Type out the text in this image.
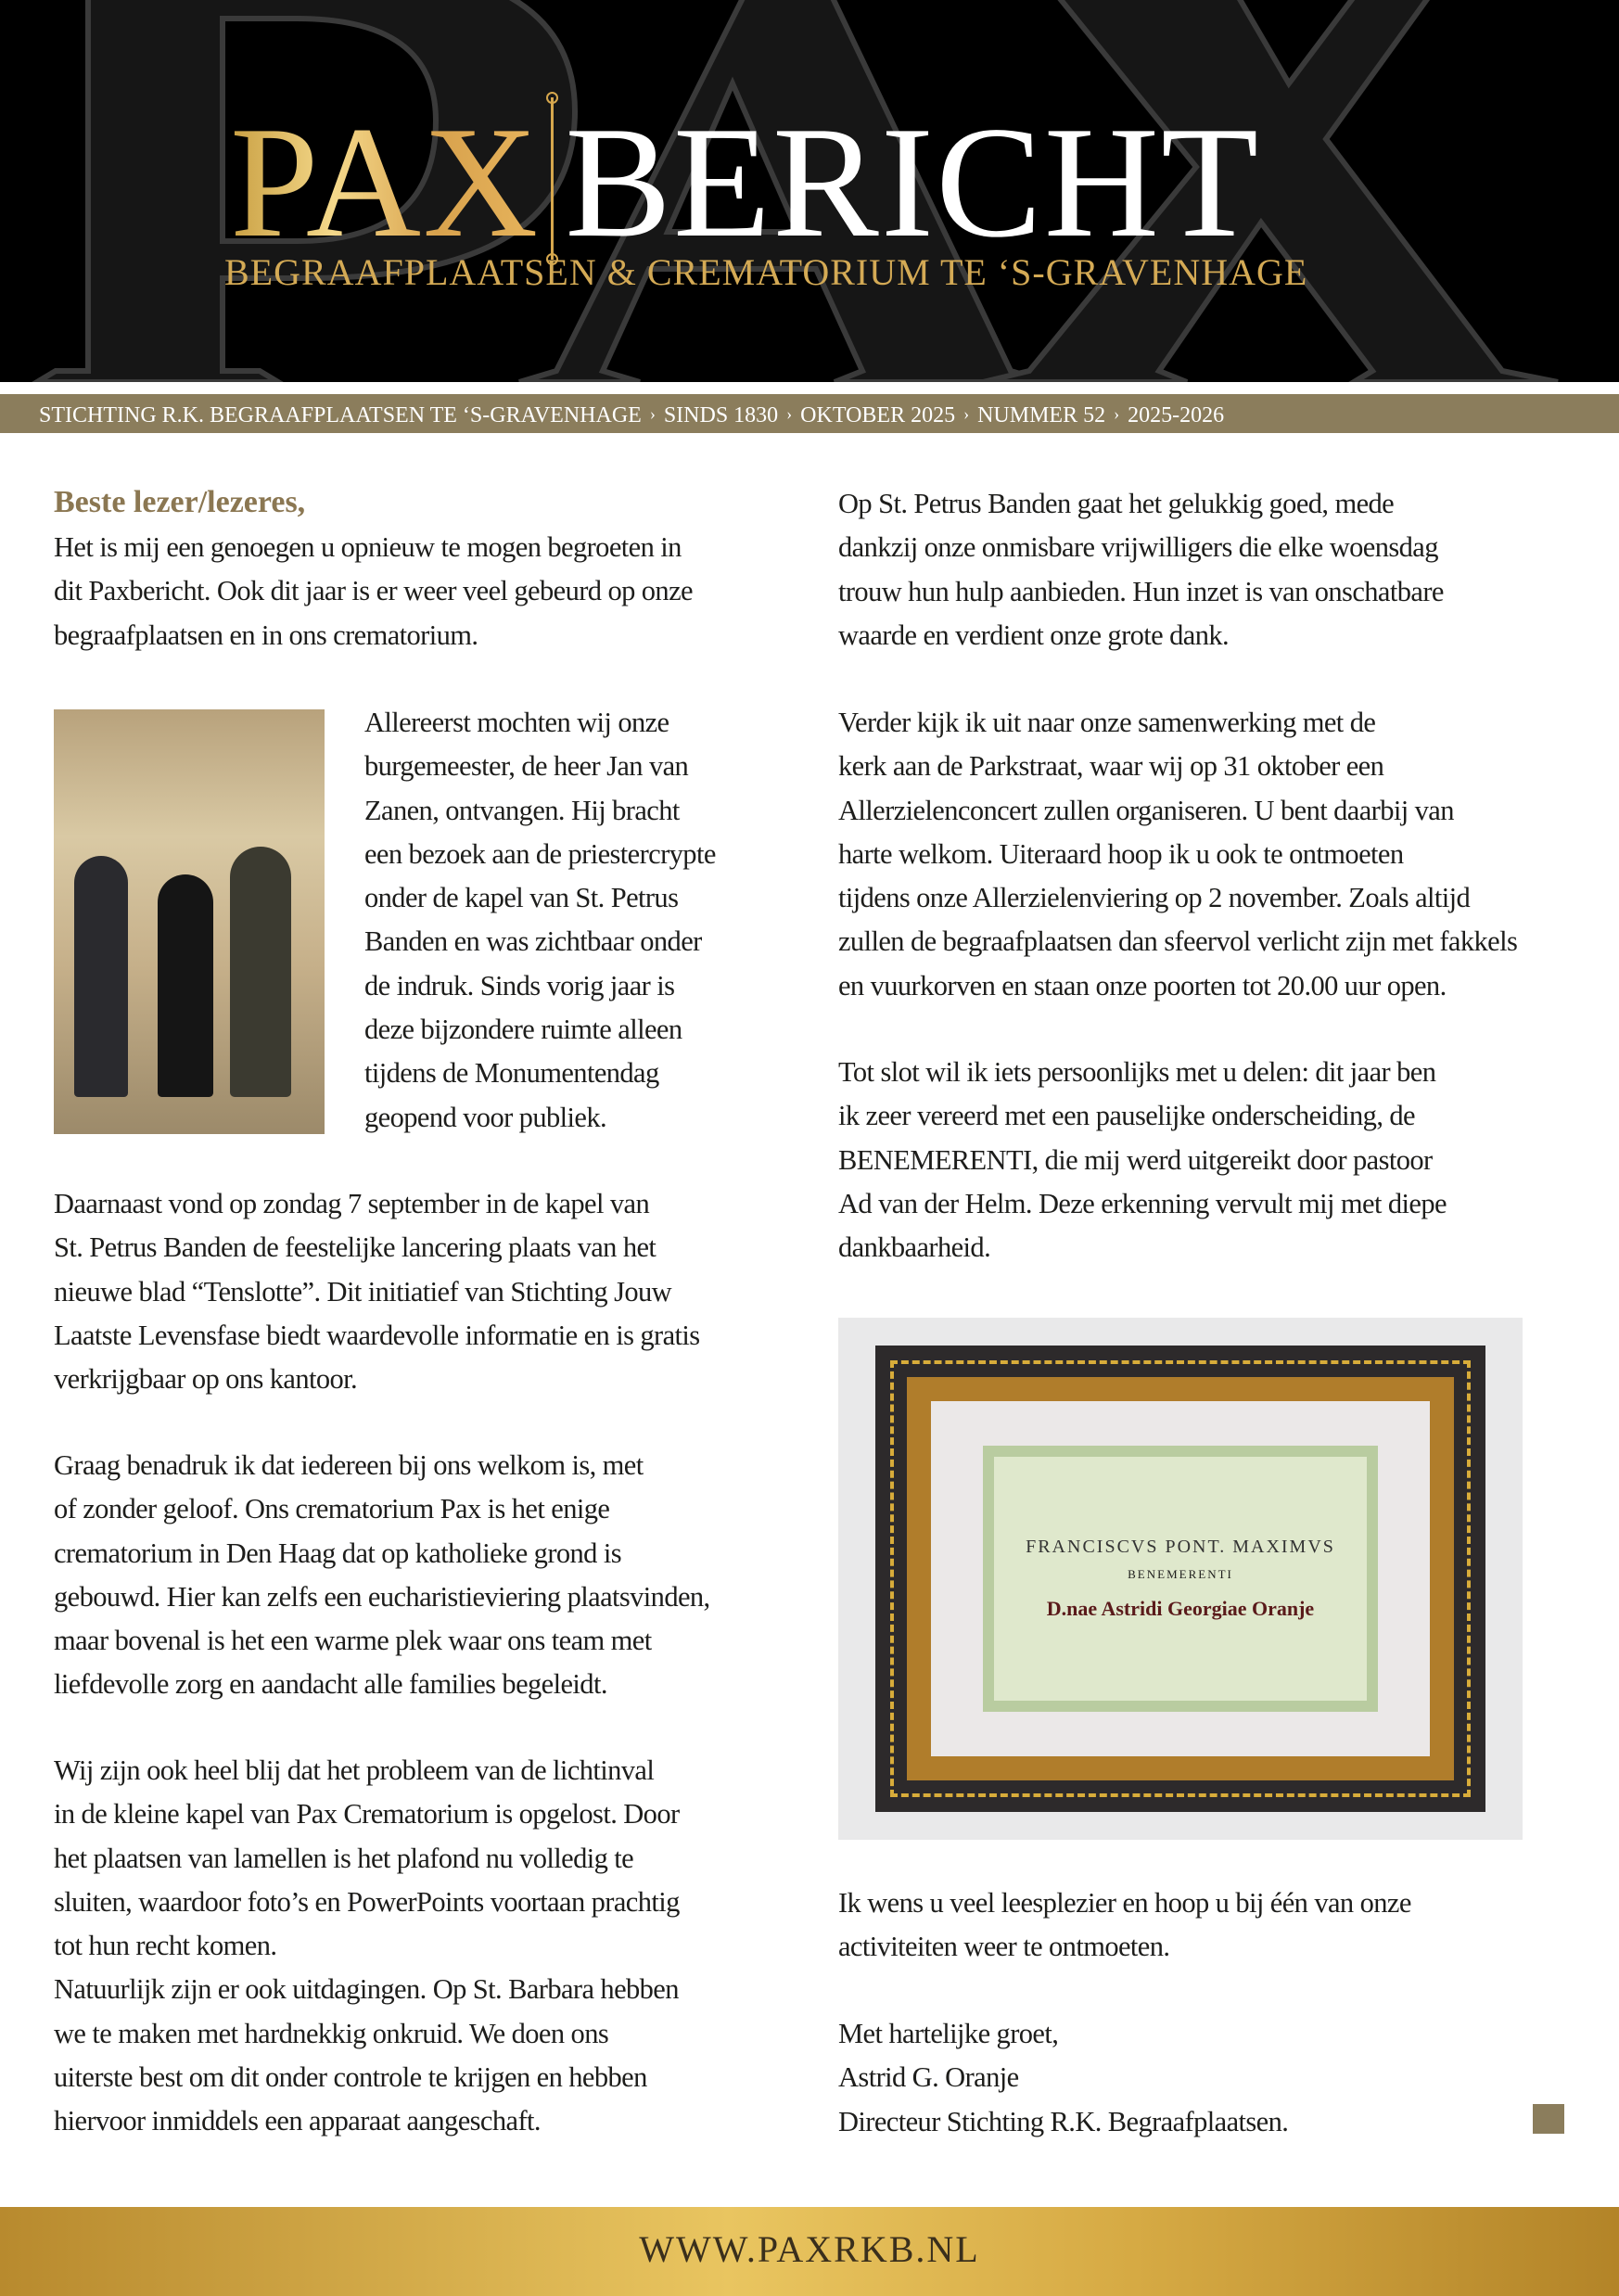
PAX BERICHT
BEGRAAFPLAATSEN & CREMATORIUM TE ‘S-GRAVENHAGE
STICHTING R.K. BEGRAAFPLAATSEN TE ‘S-GRAVENHAGE › SINDS 1830 › OKTOBER 2025 › NUMMER 52 › 2025-2026
Beste lezer/lezeres,
FRANCISCVS PONT. MAXIMVS
BENEMERENTI
D.nae Astridi Georgiae Oranje
WWW.PAXRKB.NL
Het is mij een genoegen u opnieuw te mogen begroeten in
dit Paxbericht. Ook dit jaar is er weer veel gebeurd op onze
begraafplaatsen en in ons crematorium.
Allereerst mochten wij onze
burgemeester, de heer Jan van
Zanen, ontvangen. Hij bracht
een bezoek aan de priestercrypte
onder de kapel van St. Petrus
Banden en was zichtbaar onder
de indruk. Sinds vorig jaar is
deze bijzondere ruimte alleen
tijdens de Monumentendag
geopend voor publiek.
Daarnaast vond op zondag 7 september in de kapel van
St. Petrus Banden de feestelijke lancering plaats van het
nieuwe blad “Tenslotte”. Dit initiatief van Stichting Jouw
Laatste Levensfase biedt waardevolle informatie en is gratis
verkrijgbaar op ons kantoor.
Graag benadruk ik dat iedereen bij ons welkom is, met
of zonder geloof. Ons crematorium Pax is het enige
crematorium in Den Haag dat op katholieke grond is
gebouwd. Hier kan zelfs een eucharistieviering plaatsvinden,
maar bovenal is het een warme plek waar ons team met
liefdevolle zorg en aandacht alle families begeleidt.
Wij zijn ook heel blij dat het probleem van de lichtinval
in de kleine kapel van Pax Crematorium is opgelost. Door
het plaatsen van lamellen is het plafond nu volledig te
sluiten, waardoor foto’s en PowerPoints voortaan prachtig
tot hun recht komen.
Natuurlijk zijn er ook uitdagingen. Op St. Barbara hebben
we te maken met hardnekkig onkruid. We doen ons
uiterste best om dit onder controle te krijgen en hebben
hiervoor inmiddels een apparaat aangeschaft.
Op St. Petrus Banden gaat het gelukkig goed, mede
dankzij onze onmisbare vrijwilligers die elke woensdag
trouw hun hulp aanbieden. Hun inzet is van onschatbare
waarde en verdient onze grote dank.
Verder kijk ik uit naar onze samenwerking met de
kerk aan de Parkstraat, waar wij op 31 oktober een
Allerzielenconcert zullen organiseren. U bent daarbij van
harte welkom. Uiteraard hoop ik u ook te ontmoeten
tijdens onze Allerzielenviering op 2 november. Zoals altijd
zullen de begraafplaatsen dan sfeervol verlicht zijn met fakkels
en vuurkorven en staan onze poorten tot 20.00 uur open.
Tot slot wil ik iets persoonlijks met u delen: dit jaar ben
ik zeer vereerd met een pauselijke onderscheiding, de
BENEMERENTI, die mij werd uitgereikt door pastoor
Ad van der Helm. Deze erkenning vervult mij met diepe
dankbaarheid.
Ik wens u veel leesplezier en hoop u bij één van onze
activiteiten weer te ontmoeten.
Met hartelijke groet,
Astrid G. Oranje
Directeur Stichting R.K. Begraafplaatsen.
